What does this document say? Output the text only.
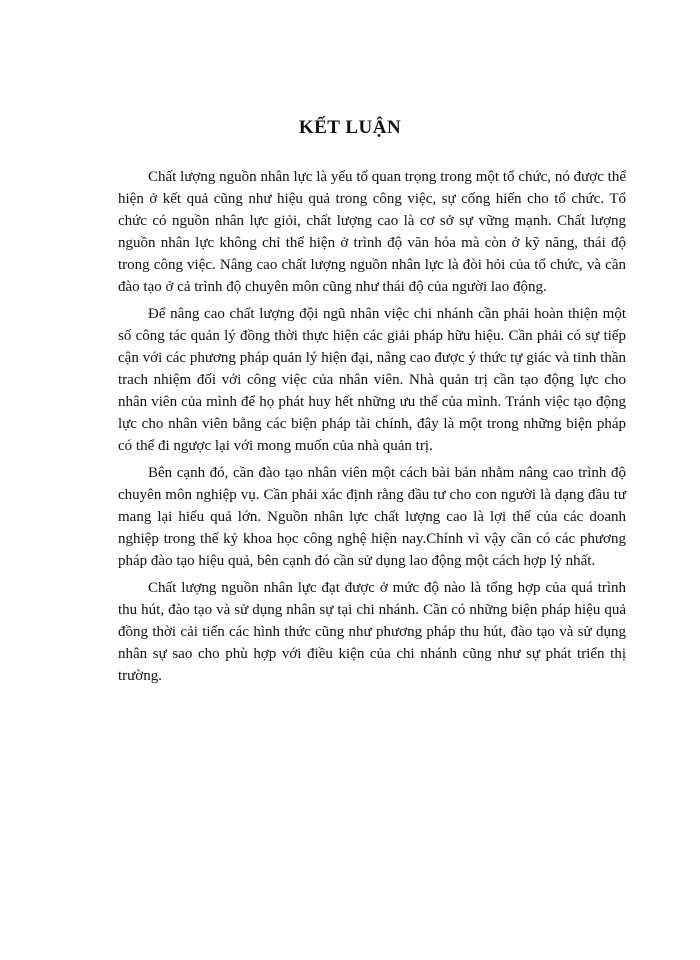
KẾT LUẬN

Chất lượng nguồn nhân lực là yếu tố quan trọng trong một tổ chức, nó được thể hiện ở kết quả cũng như hiệu quả trong công việc, sự cống hiến cho tổ chức. Tổ chức có nguồn nhân lực giỏi, chất lượng cao là cơ sở sự vững mạnh. Chất lượng nguồn nhân lực không chỉ thể hiện ở trình độ văn hóa mà còn ở kỹ năng, thái độ trong công việc. Nâng cao chất lượng nguồn nhân lực là đòi hỏi của tổ chức, và cần đào tạo ở cả trình độ chuyên môn cũng như thái độ của người lao động.

Để nâng cao chất lượng đội ngũ nhân việc chi nhánh cần phải hoàn thiện một số công tác quản lý đồng thời thực hiện các giải pháp hữu hiệu. Cần phải có sự tiếp cận với các phương pháp quản lý hiện đại, nâng cao được ý thức tự giác và tinh thần trach nhiệm đối với công việc của nhân viên. Nhà quản trị cần tạo động lực cho nhân viên của mình để họ phát huy hết những ưu thế của mình. Tránh việc tạo động lực cho nhân viên bằng các biện pháp tài chính, đây là một trong những biện pháp có thể đi ngược lại với mong muốn của nhà quản trị.

Bên cạnh đó, cần đào tạo nhân viên một cách bài bản nhằm nâng cao trình độ chuyên môn nghiệp vụ. Cần phải xác định rằng đầu tư cho con người là dạng đầu tư mang lại hiểu quả lớn. Nguồn nhân lực chất lượng cao là lợi thế của các doanh nghiệp trong thế kỷ khoa học công nghệ hiện nay.Chính vì vậy cần có các phương pháp đào tạo hiệu quả, bên cạnh đó cần sử dụng lao động một cách hợp lý nhất.

Chất lượng nguồn nhân lực đạt được ở mức độ nào là tổng hợp của quá trình thu hút, đào tạo và sử dụng nhân sự tại chi nhánh. Cần có những biện pháp hiệu quả đồng thời cải tiến các hình thức cũng như phương pháp thu hút, đào tạo và sử dụng nhân sự sao cho phù hợp với điều kiện của chi nhánh cũng như sự phát triển thị trường.
